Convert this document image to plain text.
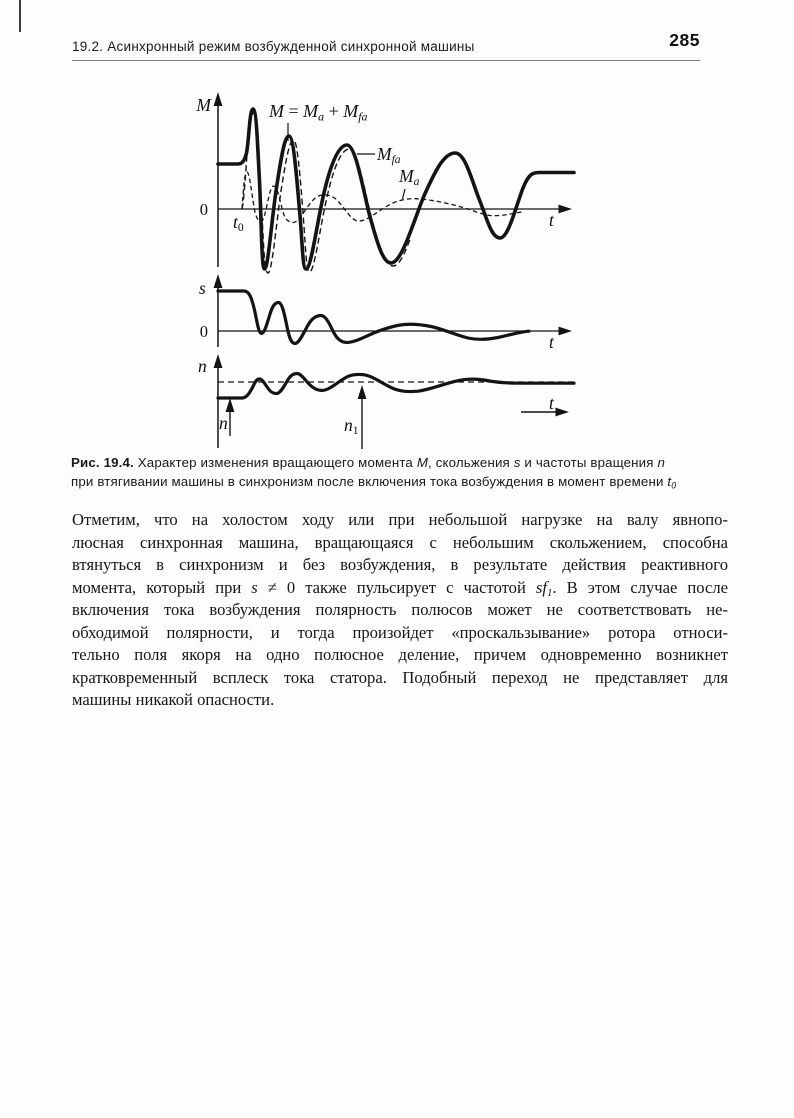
19.2. Асинхронный режим возбужденной синхронной машины	285
M	M = Ma + Mfa
Mfa
Ma
0
t0	t
s
0
t
n
n	n1
t
Рис. 19.4. Характер изменения вращающего момента M, скольжения s и частоты вращения n
при втягивании машины в синхронизм после включения тока возбуждения в момент времени t0
Отметим, что на холостом ходу или при небольшой нагрузке на валу явнопо-
люсная синхронная машина, вращающаяся с небольшим скольжением, способна
втянуться в синхронизм и без возбуждения, в результате действия реактивного
момента, который при s ≠ 0 также пульсирует с частотой sf1. В этом случае после
включения тока возбуждения полярность полюсов может не соответствовать не-
обходимой полярности, и тогда произойдет «проскальзывание» ротора относи-
тельно поля якоря на одно полюсное деление, причем одновременно возникнет
кратковременный всплеск тока статора. Подобный переход не представляет для
машины никакой опасности.
